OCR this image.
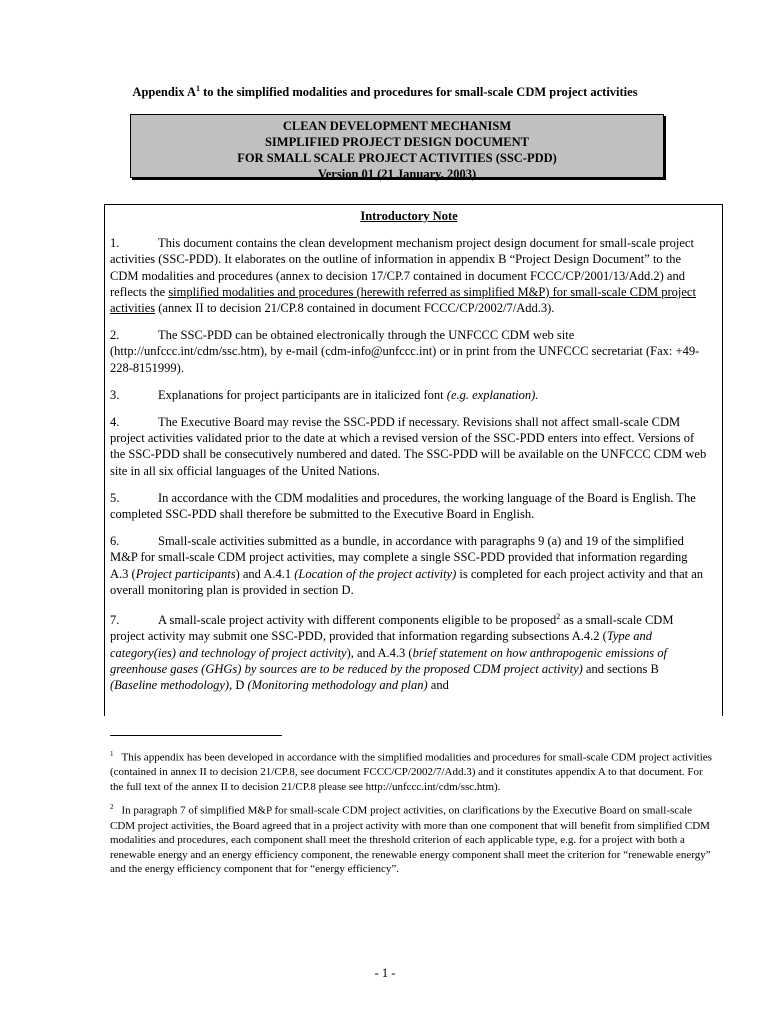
Appendix $A^1$ to the simplified modalities and procedures for small-scale CDM project activities
CLEAN DEVELOPMENT MECHANISM
SIMPLIFIED PROJECT DESIGN DOCUMENT
FOR SMALL SCALE PROJECT ACTIVITIES (SSC-PDD)
Version 01 (21 January, 2003)
Introductory Note

1.	This document contains the clean development mechanism project design document for small-scale project activities (SSC-PDD). It elaborates on the outline of information in appendix B “Project Design Document” to the CDM modalities and procedures (annex to decision 17/CP.7 contained in document FCCC/CP/2001/13/Add.2) and reflects the simplified modalities and procedures (herewith referred as simplified M&P) for small-scale CDM project activities (annex II to decision 21/CP.8 contained in document FCCC/CP/2002/7/Add.3).

2.	The SSC-PDD can be obtained electronically through the UNFCCC CDM web site (http://unfccc.int/cdm/ssc.htm), by e-mail (cdm-info@unfccc.int) or in print from the UNFCCC secretariat (Fax: +49-228-8151999).

3.	Explanations for project participants are in italicized font (e.g. explanation).

4.	The Executive Board may revise the SSC-PDD if necessary. Revisions shall not affect small-scale CDM project activities validated prior to the date at which a revised version of the SSC-PDD enters into effect. Versions of the SSC-PDD shall be consecutively numbered and dated. The SSC-PDD will be available on the UNFCCC CDM web site in all six official languages of the United Nations.

5.	In accordance with the CDM modalities and procedures, the working language of the Board is English. The completed SSC-PDD shall therefore be submitted to the Executive Board in English.

6.	Small-scale activities submitted as a bundle, in accordance with paragraphs 9 (a) and 19 of the simplified M&P for small-scale CDM project activities, may complete a single SSC-PDD provided that information regarding A.3 (Project participants) and A.4.1 (Location of the project activity) is completed for each project activity and that an overall monitoring plan is provided in section D.

7.	A small-scale project activity with different components eligible to be proposed$^2$ as a small-scale CDM project activity may submit one SSC-PDD, provided that information regarding subsections A.4.2 (Type and category(ies) and technology of project activity), and A.4.3 (brief statement on how anthropogenic emissions of greenhouse gases (GHGs) by sources are to be reduced by the proposed CDM project activity) and sections B (Baseline methodology), D (Monitoring methodology and plan) and

$^1$ This appendix has been developed in accordance with the simplified modalities and procedures for small-scale CDM project activities (contained in annex II to decision 21/CP.8, see document FCCC/CP/2002/7/Add.3) and it constitutes appendix A to that document. For the full text of the annex II to decision 21/CP.8 please see http://unfccc.int/cdm/ssc.htm).

$^2$ In paragraph 7 of simplified M&P for small-scale CDM project activities, on clarifications by the Executive Board on small-scale CDM project activities, the Board agreed that in a project activity with more than one component that will benefit from simplified CDM modalities and procedures, each component shall meet the threshold criterion of each applicable type, e.g. for a project with both a renewable energy and an energy efficiency component, the renewable energy component shall meet the criterion for “renewable energy” and the energy efficiency component that for “energy efficiency”.

- 1 -
